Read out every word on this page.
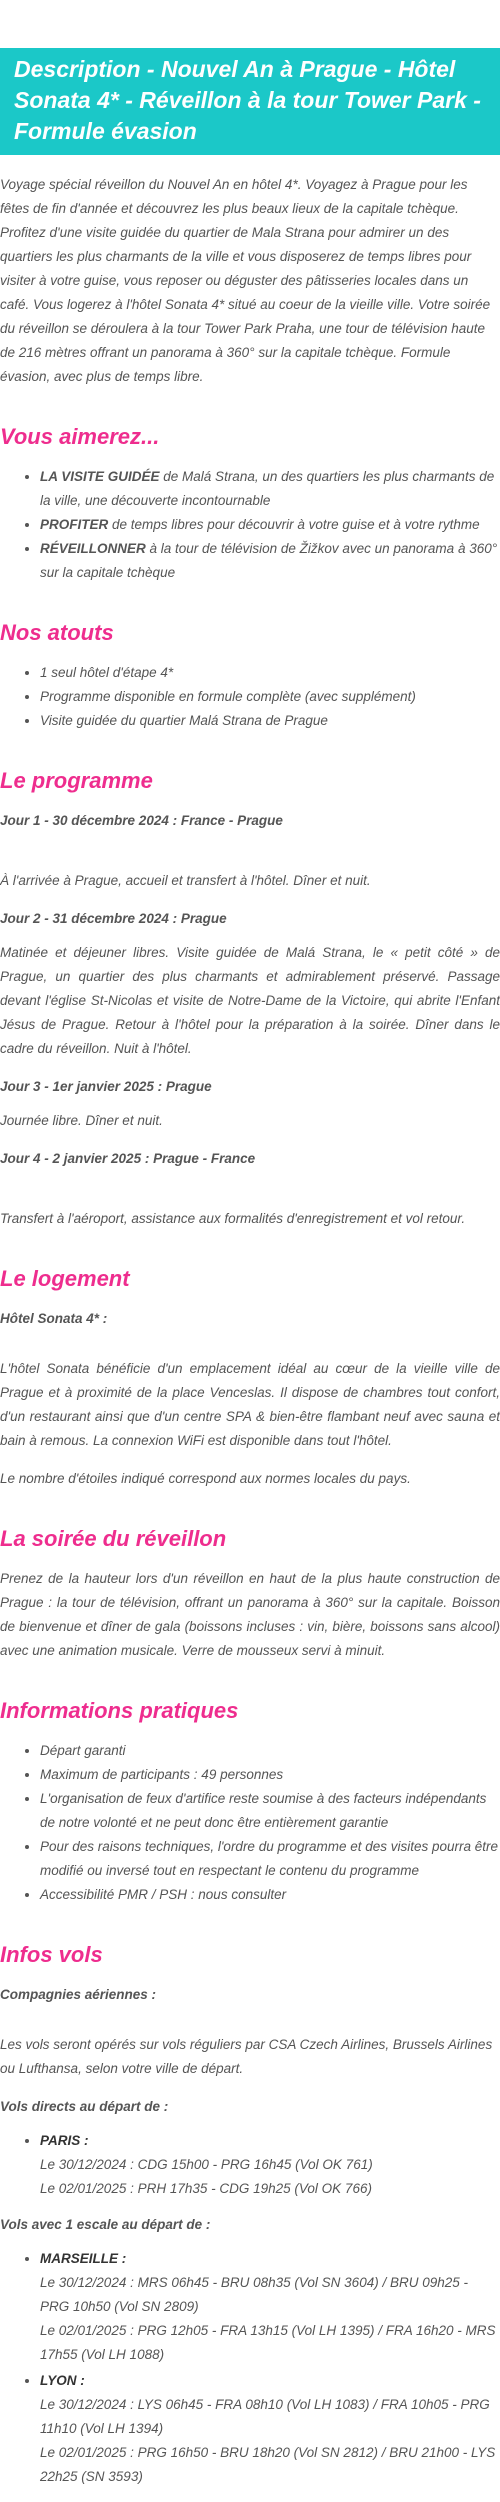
Description - Nouvel An à Prague - Hôtel Sonata 4* - Réveillon à la tour Tower Park - Formule évasion

Voyage spécial réveillon du Nouvel An en hôtel 4*. Voyagez à Prague pour les fêtes de fin d'année et découvrez les plus beaux lieux de la capitale tchèque. Profitez d'une visite guidée du quartier de Mala Strana pour admirer un des quartiers les plus charmants de la ville et vous disposerez de temps libres pour visiter à votre guise, vous reposer ou déguster des pâtisseries locales dans un café. Vous logerez à l'hôtel Sonata 4* situé au coeur de la vieille ville. Votre soirée du réveillon se déroulera à la tour Tower Park Praha, une tour de télévision haute de 216 mètres offrant un panorama à 360° sur la capitale tchèque. Formule évasion, avec plus de temps libre.

Vous aimerez...
• LA VISITE GUIDÉE de Malá Strana, un des quartiers les plus charmants de la ville, une découverte incontournable
• PROFITER de temps libres pour découvrir à votre guise et à votre rythme
• RÉVEILLONNER à la tour de télévision de Žižkov avec un panorama à 360° sur la capitale tchèque
Nos atouts
• 1 seul hôtel d'étape 4*
• Programme disponible en formule complète (avec supplément)
• Visite guidée du quartier Malá Strana de Prague
Le programme

Jour 1 - 30 décembre 2024 : France - Prague

À l'arrivée à Prague, accueil et transfert à l'hôtel. Dîner et nuit.

Jour 2 - 31 décembre 2024 : Prague

Matinée et déjeuner libres. Visite guidée de Malá Strana, le « petit côté » de Prague, un quartier des plus charmants et admirablement préservé. Passage devant l'église St-Nicolas et visite de Notre-Dame de la Victoire, qui abrite l'Enfant Jésus de Prague. Retour à l'hôtel pour la préparation à la soirée. Dîner dans le cadre du réveillon. Nuit à l'hôtel.

Jour 3 - 1er janvier 2025 : Prague

Journée libre. Dîner et nuit.

Jour 4 - 2 janvier 2025 : Prague - France

Transfert à l'aéroport, assistance aux formalités d'enregistrement et vol retour.

Le logement

Hôtel Sonata 4* :

L'hôtel Sonata bénéficie d'un emplacement idéal au cœur de la vieille ville de Prague et à proximité de la place Venceslas. Il dispose de chambres tout confort, d'un restaurant ainsi que d'un centre SPA & bien-être flambant neuf avec sauna et bain à remous. La connexion WiFi est disponible dans tout l'hôtel.

Le nombre d'étoiles indiqué correspond aux normes locales du pays.

La soirée du réveillon

Prenez de la hauteur lors d'un réveillon en haut de la plus haute construction de Prague : la tour de télévision, offrant un panorama à 360° sur la capitale. Boisson de bienvenue et dîner de gala (boissons incluses : vin, bière, boissons sans alcool) avec une animation musicale. Verre de mousseux servi à minuit.

Informations pratiques
• Départ garanti
• Maximum de participants : 49 personnes
• L'organisation de feux d'artifice reste soumise à des facteurs indépendants de notre volonté et ne peut donc être entièrement garantie
• Pour des raisons techniques, l'ordre du programme et des visites pourra être modifié ou inversé tout en respectant le contenu du programme
• Accessibilité PMR / PSH : nous consulter
Infos vols

Compagnies aériennes :

Les vols seront opérés sur vols réguliers par CSA Czech Airlines, Brussels Airlines ou Lufthansa, selon votre ville de départ.

Vols directs au départ de :

• PARIS :
Le 30/12/2024 : CDG 15h00 - PRG 16h45 (Vol OK 761)
Le 02/01/2025 : PRH 17h35 - CDG 19h25 (Vol OK 766)

Vols avec 1 escale au départ de :

• MARSEILLE :
Le 30/12/2024 : MRS 06h45 - BRU 08h35 (Vol SN 3604) / BRU 09h25 - PRG 10h50 (Vol SN 2809)
Le 02/01/2025 : PRG 12h05 - FRA 13h15 (Vol LH 1395) / FRA 16h20 - MRS 17h55 (Vol LH 1088)
• LYON :
Le 30/12/2024 : LYS 06h45 - FRA 08h10 (Vol LH 1083) / FRA 10h05 - PRG 11h10 (Vol LH 1394)
Le 02/01/2025 : PRG 16h50 - BRU 18h20 (Vol SN 2812) / BRU 21h00 - LYS 22h25 (SN 3593)
